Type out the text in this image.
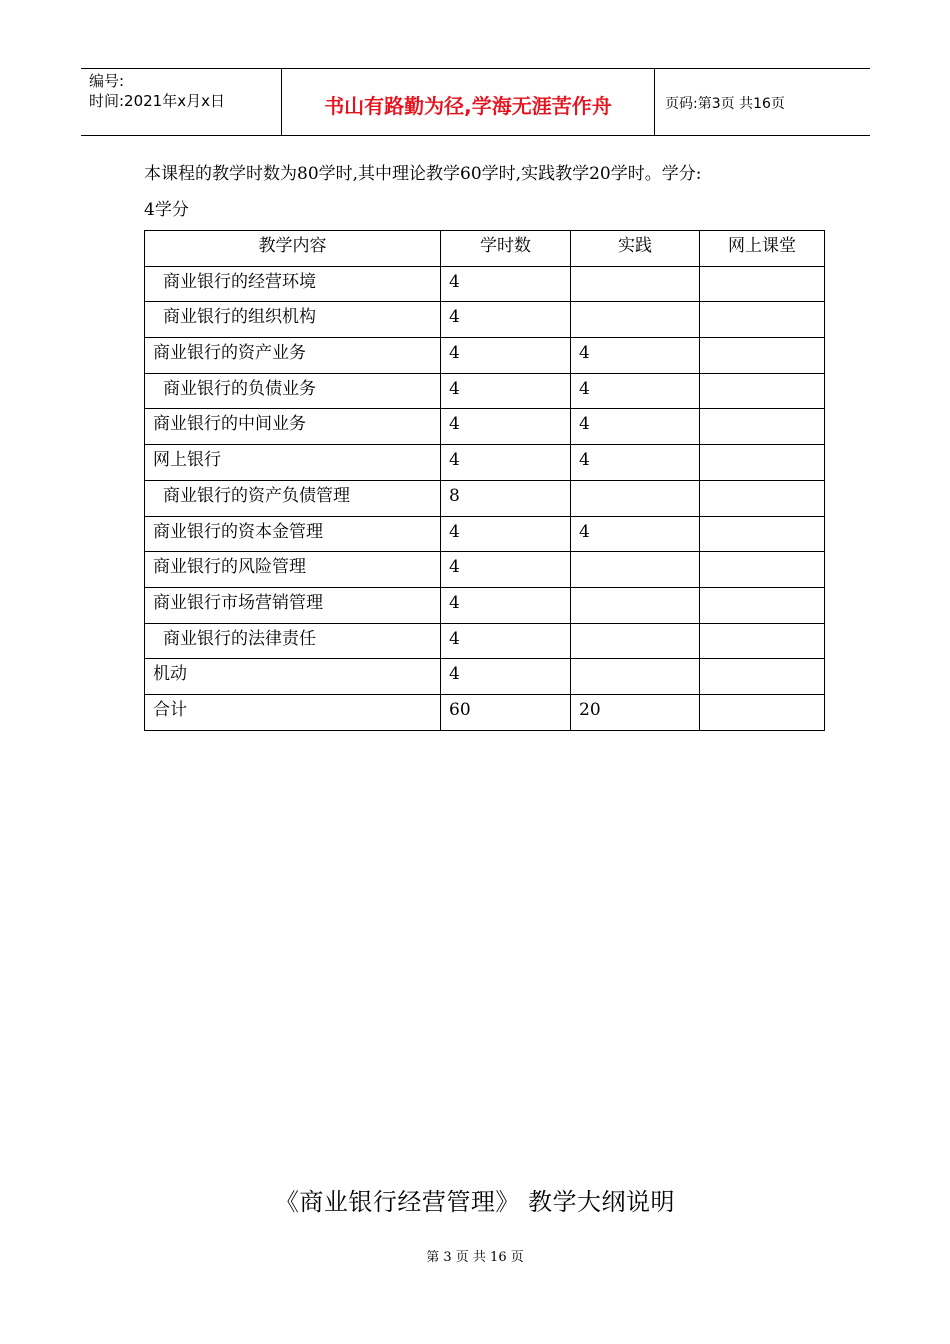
编号:
时间:2021年x月x日	书山有路勤为径,学海无涯苦作舟	页码:第3页 共16页
本课程的教学时数为80学时,其中理论教学60学时,实践教学20学时。学分:
4学分
教学内容	学时数	实践	网上课堂
商业银行的经营环境	4		
商业银行的组织机构	4		
商业银行的资产业务	4	4	
商业银行的负债业务	4	4	
商业银行的中间业务	4	4	
网上银行	4	4	
商业银行的资产负债管理	8		
商业银行的资本金管理	4	4	
商业银行的风险管理	4		
商业银行市场营销管理	4		
商业银行的法律责任	4		
机动	4		
合计	60	20	
《商业银行经营管理》 教学大纲说明
第 3 页 共 16 页
